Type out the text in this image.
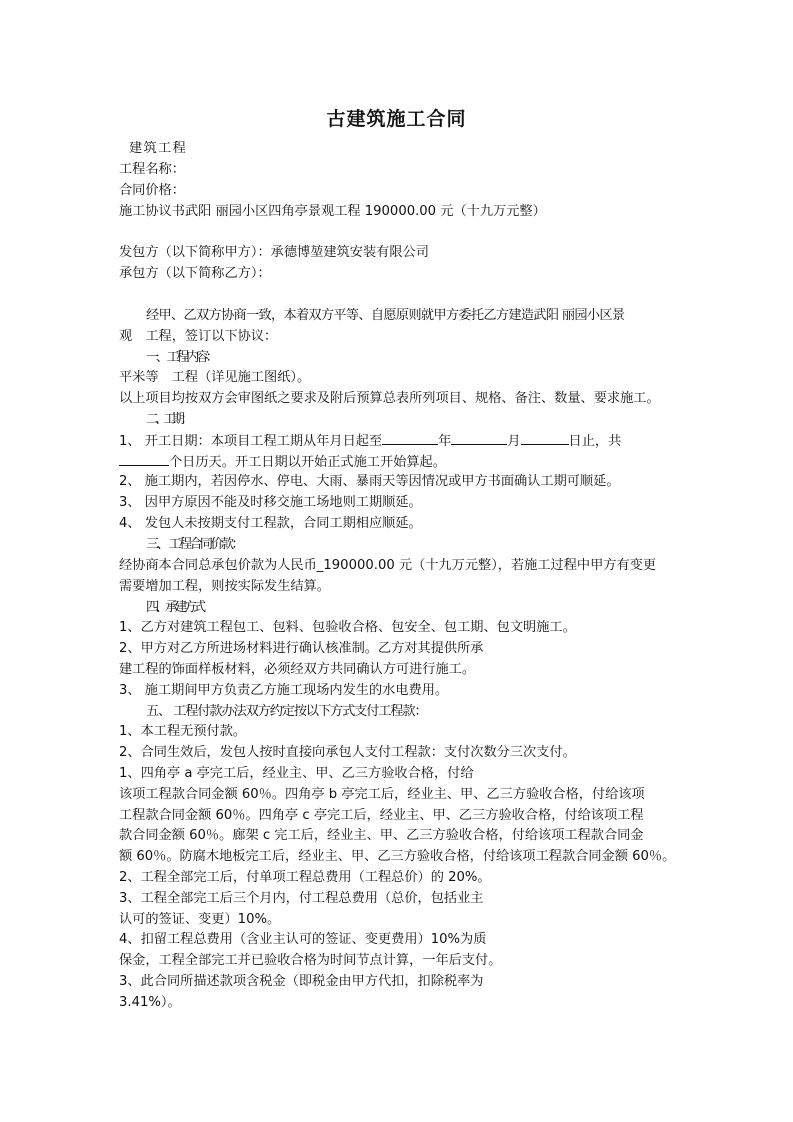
古建筑施工合同
建 筑 工 程
工程名称：
合同价格：
施工协议书武阳 丽园小区四角亭景观工程 190000.00 元（十九万元整）
发包方（以下简称甲方）：承德博堃建筑安装有限公司
承包方（以下简称乙方）：
经甲、乙双方协商一致，本着双方平等、自愿原则就甲方委托乙方建造武阳 丽园小区景
观　工程，签订以下协议：
一、 工程内容：
平米等　工程（详见施工图纸）。
以上项目均按双方会审图纸之要求及附后预算总表所列项目、规格、备注、数量、要求施工。
二、 工期：
1、 开工日期：本项目工程工期从年月日起至	年	月	日止，共
个日历天。开工日期以开始正式施工开始算起。
2、 施工期内，若因停水、停电、大雨、暴雨天等因情况或甲方书面确认工期可顺延。
3、 因甲方原因不能及时移交施工场地则工期顺延。
4、 发包人未按期支付工程款，合同工期相应顺延。
三、 工程合同价款：
经协商本合同总承包价款为人民币_190000.00 元（十九万元整），若施工过程中甲方有变更
需要增加工程，则按实际发生结算。
四、 承建方式
1、乙方对建筑工程包工、包料、包验收合格、包安全、包工期、包文明施工。
2、甲方对乙方所进场材料进行确认核准制。乙方对其提供所承
建工程的饰面样板材料，必须经双方共同确认方可进行施工。
3、 施工期间甲方负责乙方施工现场内发生的水电费用。
五、 工程付款办法双方约定按以下方式支付工程款：
1、本工程无预付款。
2、合同生效后，发包人按时直接向承包人支付工程款：支付次数分三次支付。
1、四角亭 a 亭完工后，经业主、甲、乙三方验收合格，付给
该项工程款合同金额 60％。四角亭 b 亭完工后，经业主、甲、乙三方验收合格，付给该项
工程款合同金额 60％。四角亭 c 亭完工后，经业主、甲、乙三方验收合格，付给该项工程
款合同金额 60％。廊架 c 完工后，经业主、甲、乙三方验收合格，付给该项工程款合同金
额 60％。防腐木地板完工后，经业主、甲、乙三方验收合格，付给该项工程款合同金额 60％。
2、工程全部完工后，付单项工程总费用（工程总价）的 20%。
3、工程全部完工后三个月内，付工程总费用（总价，包括业主
认可的签证、变更）10%。
4、扣留工程总费用（含业主认可的签证、变更费用）10%为质
保金，工程全部完工并已验收合格为时间节点计算，一年后支付。
3、此合同所描述款项含税金（即税金由甲方代扣，扣除税率为
3.41%）。
